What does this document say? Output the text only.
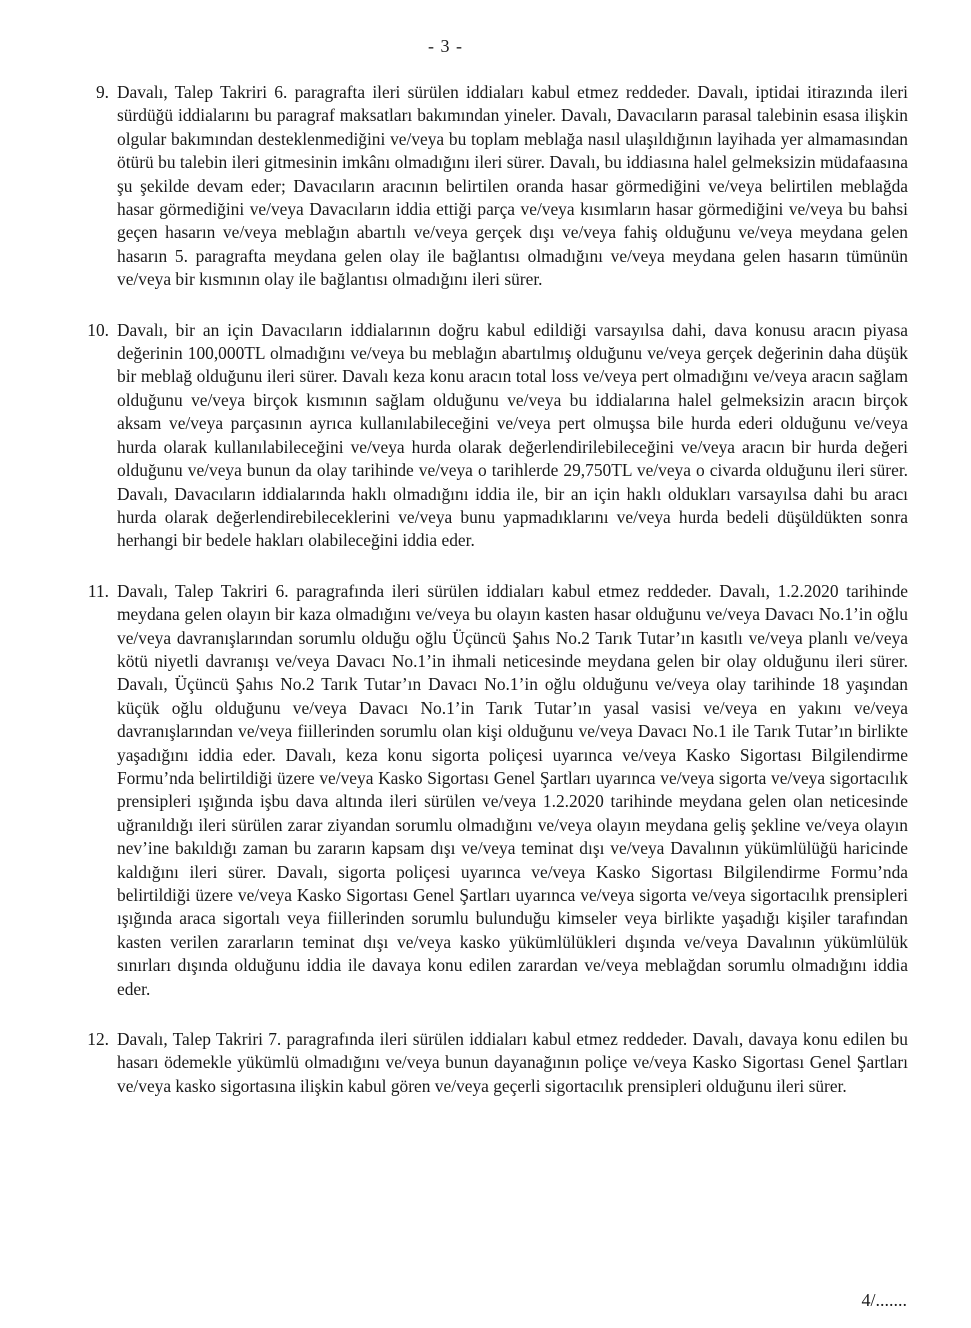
- 3 -
9. Davalı, Talep Takriri 6. paragrafta ileri sürülen iddiaları kabul etmez reddeder. Davalı, iptidai itirazında ileri sürdüğü iddialarını bu paragraf maksatları bakımından yineler. Davalı, Davacıların parasal talebinin esasa ilişkin olgular bakımından desteklenmediğini ve/veya bu toplam meblağa nasıl ulaşıldığının layihada yer almamasından ötürü bu talebin ileri gitmesinin imkânı olmadığını ileri sürer. Davalı, bu iddiasına halel gelmeksizin müdafaasına şu şekilde devam eder; Davacıların aracının belirtilen oranda hasar görmediğini ve/veya belirtilen meblağda hasar görmediğini ve/veya Davacıların iddia ettiği parça ve/veya kısımların hasar görmediğini ve/veya bu bahsi geçen hasarın ve/veya meblağın abartılı ve/veya gerçek dışı ve/veya fahiş olduğunu ve/veya meydana gelen hasarın 5. paragrafta meydana gelen olay ile bağlantısı olmadığını ve/veya meydana gelen hasarın tümünün ve/veya bir kısmının olay ile bağlantısı olmadığını ileri sürer.
10. Davalı, bir an için Davacıların iddialarının doğru kabul edildiği varsayılsa dahi, dava konusu aracın piyasa değerinin 100,000TL olmadığını ve/veya bu meblağın abartılmış olduğunu ve/veya gerçek değerinin daha düşük bir meblağ olduğunu ileri sürer. Davalı keza konu aracın total loss ve/veya pert olmadığını ve/veya aracın sağlam olduğunu ve/veya birçok kısmının sağlam olduğunu ve/veya bu iddialarına halel gelmeksizin aracın birçok aksam ve/veya parçasının ayrıca kullanılabileceğini ve/veya pert olmuşsa bile hurda ederi olduğunu ve/veya hurda olarak kullanılabileceğini ve/veya hurda olarak değerlendirilebileceğini ve/veya aracın bir hurda değeri olduğunu ve/veya bunun da olay tarihinde ve/veya o tarihlerde 29,750TL ve/veya o civarda olduğunu ileri sürer. Davalı, Davacıların iddialarında haklı olmadığını iddia ile, bir an için haklı oldukları varsayılsa dahi bu aracı hurda olarak değerlendirebileceklerini ve/veya bunu yapmadıklarını ve/veya hurda bedeli düşüldükten sonra herhangi bir bedele hakları olabileceğini iddia eder.
11. Davalı, Talep Takriri 6. paragrafında ileri sürülen iddiaları kabul etmez reddeder. Davalı, 1.2.2020 tarihinde meydana gelen olayın bir kaza olmadığını ve/veya bu olayın kasten hasar olduğunu ve/veya Davacı No.1’in oğlu ve/veya davranışlarından sorumlu olduğu oğlu Üçüncü Şahıs No.2 Tarık Tutar’ın kasıtlı ve/veya planlı ve/veya kötü niyetli davranışı ve/veya Davacı No.1’in ihmali neticesinde meydana gelen bir olay olduğunu ileri sürer. Davalı, Üçüncü Şahıs No.2 Tarık Tutar’ın Davacı No.1’in oğlu olduğunu ve/veya olay tarihinde 18 yaşından küçük oğlu olduğunu ve/veya Davacı No.1’in Tarık Tutar’ın yasal vasisi ve/veya en yakını ve/veya davranışlarından ve/veya fiillerinden sorumlu olan kişi olduğunu ve/veya Davacı No.1 ile Tarık Tutar’ın birlikte yaşadığını iddia eder. Davalı, keza konu sigorta poliçesi uyarınca ve/veya Kasko Sigortası Bilgilendirme Formu’nda belirtildiği üzere ve/veya Kasko Sigortası Genel Şartları uyarınca ve/veya sigorta ve/veya sigortacılık prensipleri ışığında işbu dava altında ileri sürülen ve/veya 1.2.2020 tarihinde meydana gelen olan neticesinde uğranıldığı ileri sürülen zarar ziyandan sorumlu olmadığını ve/veya olayın meydana geliş şekline ve/veya olayın nev’ine bakıldığı zaman bu zararın kapsam dışı ve/veya teminat dışı ve/veya Davalının yükümlülüğü haricinde kaldığını ileri sürer. Davalı, sigorta poliçesi uyarınca ve/veya Kasko Sigortası Bilgilendirme Formu’nda belirtildiği üzere ve/veya Kasko Sigortası Genel Şartları uyarınca ve/veya sigorta ve/veya sigortacılık prensipleri ışığında araca sigortalı veya fiillerinden sorumlu bulunduğu kimseler veya birlikte yaşadığı kişiler tarafından kasten verilen zararların teminat dışı ve/veya kasko yükümlülükleri dışında ve/veya Davalının yükümlülük sınırları dışında olduğunu iddia ile davaya konu edilen zarardan ve/veya meblağdan sorumlu olmadığını iddia eder.
12. Davalı, Talep Takriri 7. paragrafında ileri sürülen iddiaları kabul etmez reddeder. Davalı, davaya konu edilen bu hasarı ödemekle yükümlü olmadığını ve/veya bunun dayanağının poliçe ve/veya Kasko Sigortası Genel Şartları ve/veya kasko sigortasına ilişkin kabul gören ve/veya geçerli sigortacılık prensipleri olduğunu ileri sürer.
4/.......
